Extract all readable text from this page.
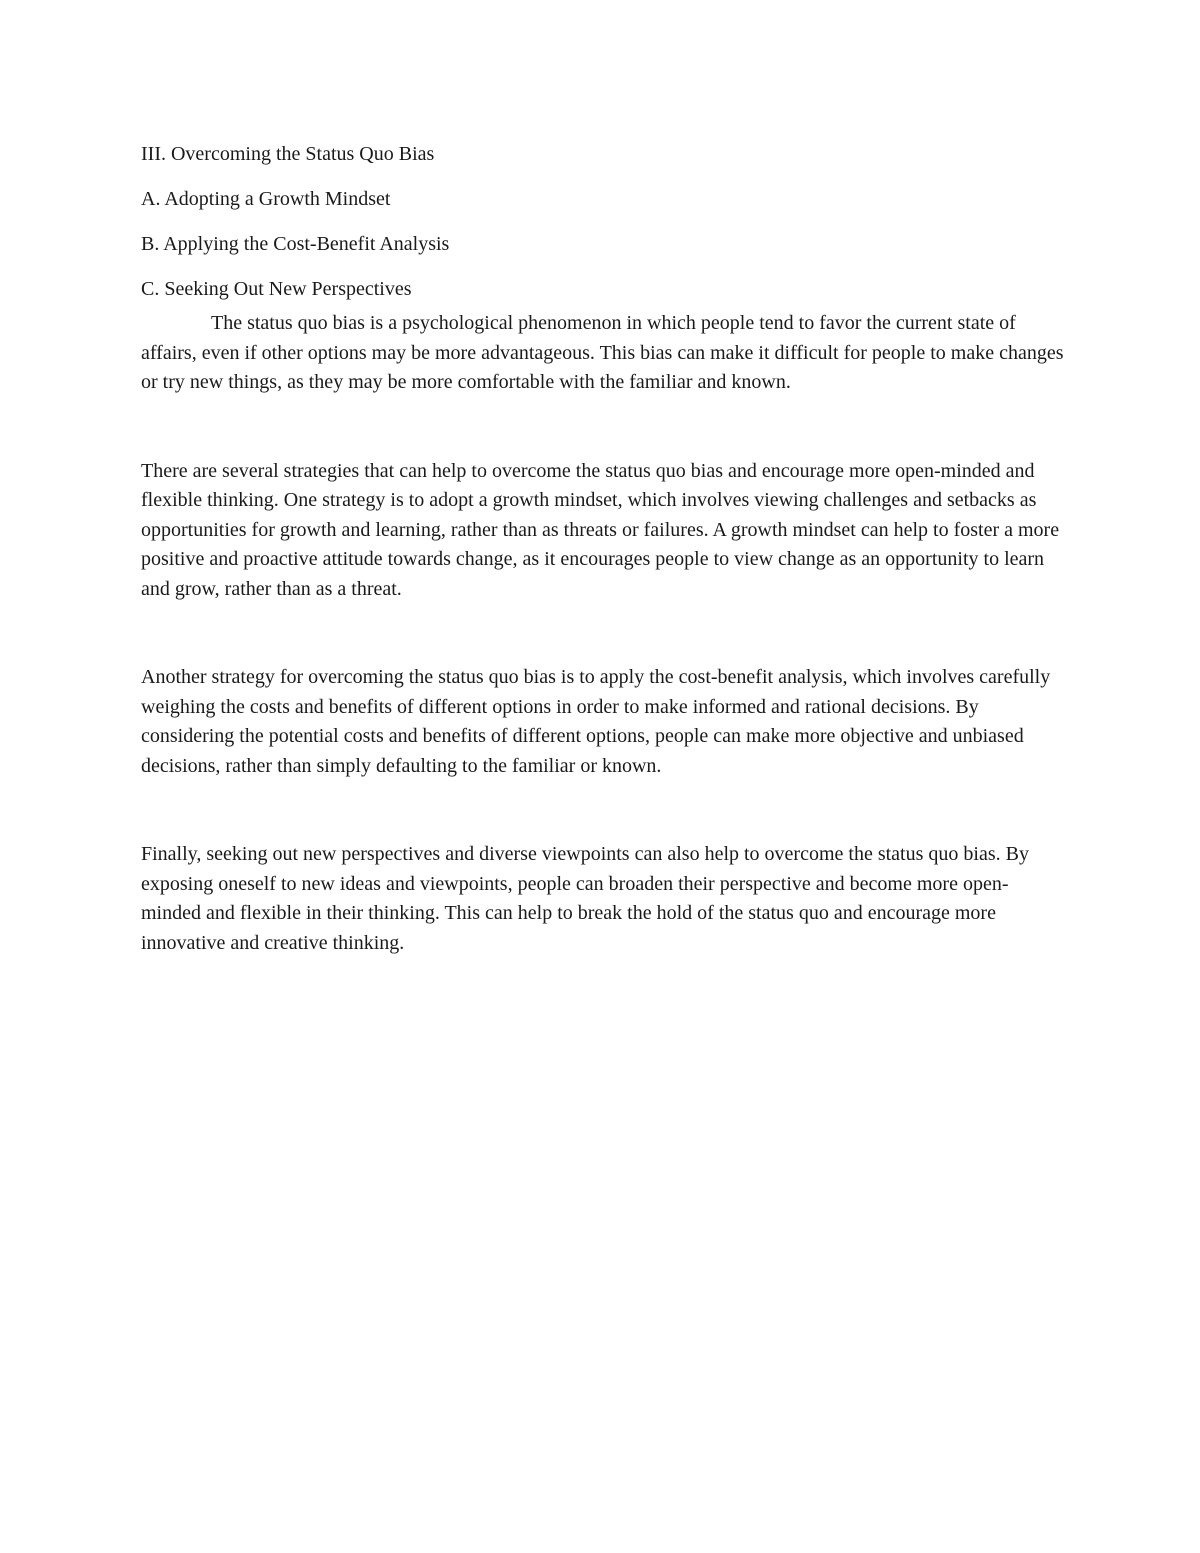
III. Overcoming the Status Quo Bias

A. Adopting a Growth Mindset

B. Applying the Cost-Benefit Analysis

C. Seeking Out New Perspectives

The status quo bias is a psychological phenomenon in which people tend to favor the current state of affairs, even if other options may be more advantageous. This bias can make it difficult for people to make changes or try new things, as they may be more comfortable with the familiar and known.

There are several strategies that can help to overcome the status quo bias and encourage more open-minded and flexible thinking. One strategy is to adopt a growth mindset, which involves viewing challenges and setbacks as opportunities for growth and learning, rather than as threats or failures. A growth mindset can help to foster a more positive and proactive attitude towards change, as it encourages people to view change as an opportunity to learn and grow, rather than as a threat.

Another strategy for overcoming the status quo bias is to apply the cost-benefit analysis, which involves carefully weighing the costs and benefits of different options in order to make informed and rational decisions. By considering the potential costs and benefits of different options, people can make more objective and unbiased decisions, rather than simply defaulting to the familiar or known.

Finally, seeking out new perspectives and diverse viewpoints can also help to overcome the status quo bias. By exposing oneself to new ideas and viewpoints, people can broaden their perspective and become more open-minded and flexible in their thinking. This can help to break the hold of the status quo and encourage more innovative and creative thinking.
